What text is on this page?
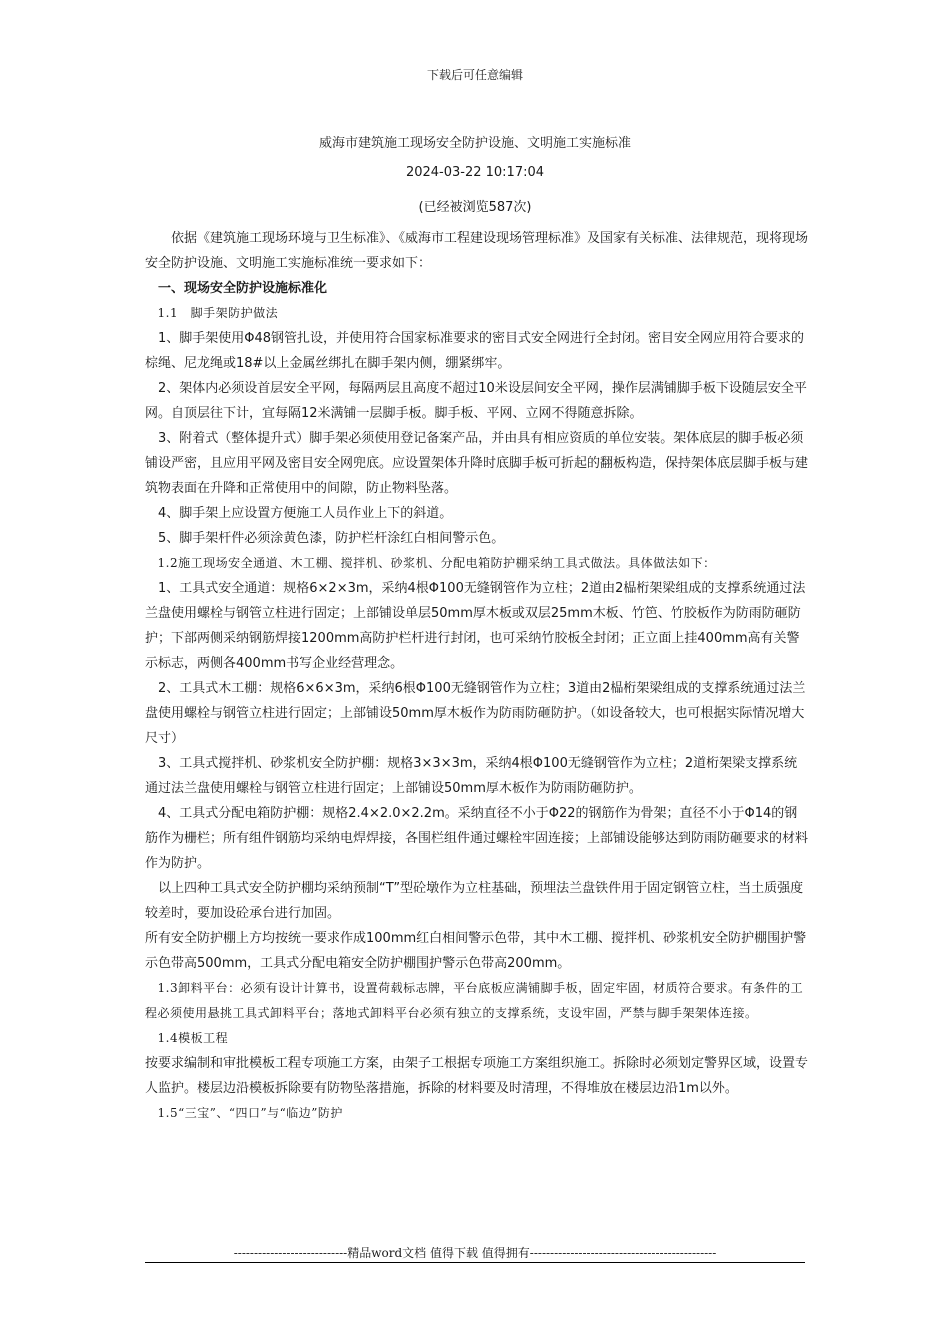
下载后可任意编辑
威海市建筑施工现场安全防护设施、文明施工实施标准
2024-03-22 10:17:04
(已经被浏览587次)

　　依据《建筑施工现场环境与卫生标准》、《威海市工程建设现场管理标准》及国家有关标准、法律规范，现将现场安全防护设施、文明施工实施标准统一要求如下：

　一、现场安全防护设施标准化

　1.1　脚手架防护做法

　1、脚手架使用Φ48钢管扎设，并使用符合国家标准要求的密目式安全网进行全封闭。密目安全网应用符合要求的棕绳、尼龙绳或18#以上金属丝绑扎在脚手架内侧，绷紧绑牢。

　2、架体内必须设首层安全平网，每隔两层且高度不超过10米设层间安全平网，操作层满铺脚手板下设随层安全平网。自顶层往下计，宜每隔12米满铺一层脚手板。脚手板、平网、立网不得随意拆除。

　3、附着式（整体提升式）脚手架必须使用登记备案产品，并由具有相应资质的单位安装。架体底层的脚手板必须铺设严密，且应用平网及密目安全网兜底。应设置架体升降时底脚手板可折起的翻板构造，保持架体底层脚手板与建筑物表面在升降和正常使用中的间隙，防止物料坠落。

　4、脚手架上应设置方便施工人员作业上下的斜道。

　5、脚手架杆件必须涂黄色漆，防护栏杆涂红白相间警示色。

　1.2施工现场安全通道、木工棚、搅拌机、砂浆机、分配电箱防护棚采纳工具式做法。具体做法如下：

　1、工具式安全通道：规格6×2×3m，采纳4根Φ100无缝钢管作为立柱；2道由2榀桁架梁组成的支撑系统通过法兰盘使用螺栓与钢管立柱进行固定；上部铺设单层50mm厚木板或双层25mm木板、竹笆、竹胶板作为防雨防砸防护；下部两侧采纳钢筋焊接1200mm高防护栏杆进行封闭，也可采纳竹胶板全封闭；正立面上挂400mm高有关警示标志，两侧各400mm书写企业经营理念。

　2、工具式木工棚：规格6×6×3m，采纳6根Φ100无缝钢管作为立柱；3道由2榀桁架梁组成的支撑系统通过法兰盘使用螺栓与钢管立柱进行固定；上部铺设50mm厚木板作为防雨防砸防护。（如设备较大，也可根据实际情况增大尺寸）

　3、工具式搅拌机、砂浆机安全防护棚：规格3×3×3m，采纳4根Φ100无缝钢管作为立柱；2道桁架梁支撑系统通过法兰盘使用螺栓与钢管立柱进行固定；上部铺设50mm厚木板作为防雨防砸防护。

　4、工具式分配电箱防护棚：规格2.4×2.0×2.2m。采纳直径不小于Φ22的钢筋作为骨架；直径不小于Φ14的钢筋作为栅栏；所有组件钢筋均采纳电焊焊接，各围栏组件通过螺栓牢固连接；上部铺设能够达到防雨防砸要求的材料作为防护。

　以上四种工具式安全防护棚均采纳预制“T”型砼墩作为立柱基础，预埋法兰盘铁件用于固定钢管立柱，当土质强度较差时，要加设砼承台进行加固。

所有安全防护棚上方均按统一要求作成100mm红白相间警示色带，其中木工棚、搅拌机、砂浆机安全防护棚围护警示色带高500mm，工具式分配电箱安全防护棚围护警示色带高200mm。

　1.3卸料平台：必须有设计计算书，设置荷载标志牌，平台底板应满铺脚手板，固定牢固，材质符合要求。有条件的工程必须使用悬挑工具式卸料平台；落地式卸料平台必须有独立的支撑系统，支设牢固，严禁与脚手架架体连接。

　1.4模板工程

按要求编制和审批模板工程专项施工方案，由架子工根据专项施工方案组织施工。拆除时必须划定警界区域，设置专人监护。楼层边沿模板拆除要有防物坠落措施，拆除的材料要及时清理，不得堆放在楼层边沿1m以外。

　1.5“三宝”、“四口”与“临边”防护

----------------------------精品word文档 值得下载 值得拥有----------------------------------------------
